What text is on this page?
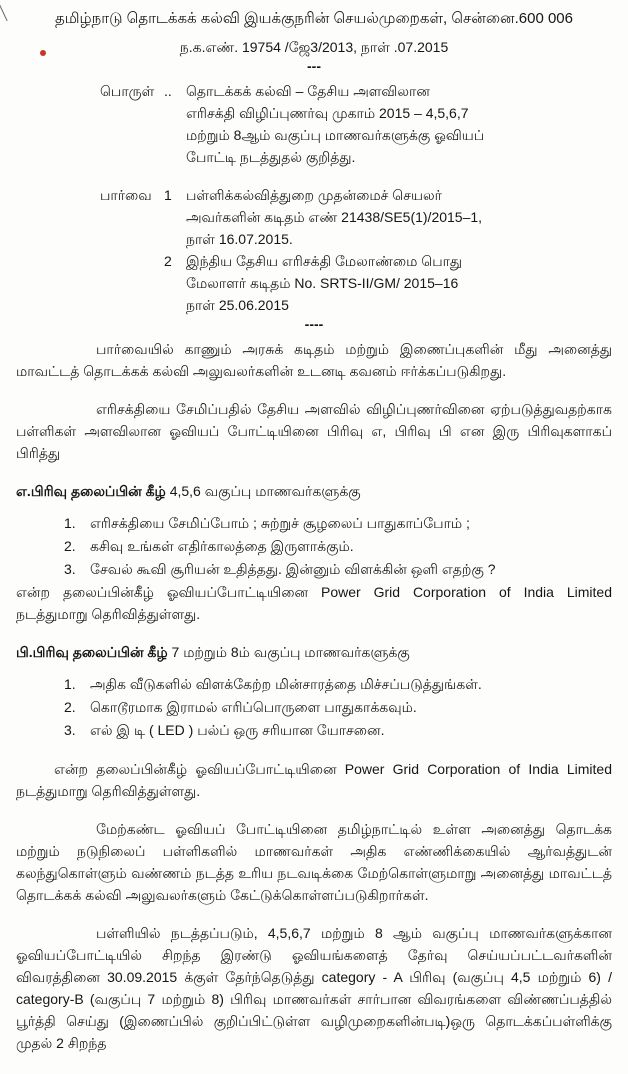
தமிழ்நாடு தொடக்கக் கல்வி இயக்குநரின் செயல்முறைகள், சென்னை.600 006
ந.க.எண். 19754 /ஜே3/2013, நாள் .07.2015
---
பொருள் ..	தொடக்கக் கல்வி – தேசிய அளவிலான
எரிசக்தி விழிப்புணர்வு முகாம் 2015 – 4,5,6,7
மற்றும் 8ஆம் வகுப்பு மாணவர்களுக்கு ஓவியப்
போட்டி நடத்துதல் குறித்து.
பார்வை 1	பள்ளிக்கல்வித்துறை முதன்மைச் செயலர்
அவர்களின் கடிதம் எண் 21438/SE5(1)/2015–1,
நாள் 16.07.2015.
2	இந்திய தேசிய எரிசக்தி மேலாண்மை பொது
மேலாளர் கடிதம் No. SRTS-II/GM/ 2015–16
நாள் 25.06.2015
----

பார்வையில் காணும் அரசுக் கடிதம் மற்றும் இணைப்புகளின் மீது அனைத்து மாவட்டத் தொடக்கக் கல்வி அலுவலர்களின் உடனடி கவனம் ஈர்க்கப்படுகிறது.

எரிசக்தியை சேமிப்பதில் தேசிய அளவில் விழிப்புணர்வினை ஏற்படுத்துவதற்காக பள்ளிகள் அளவிலான ஓவியப் போட்டியினை பிரிவு எ, பிரிவு பி என இரு பிரிவுகளாகப் பிரித்து

எ.பிரிவு தலைப்பின் கீழ் 4,5,6 வகுப்பு மாணவர்களுக்கு
1.	எரிசக்தியை சேமிப்போம் ; சுற்றுச் சூழலைப் பாதுகாப்போம் ;
2.	கசிவு உங்கள் எதிர்காலத்தை இருளாக்கும்.
3.	சேவல் கூவி சூரியன் உதித்தது. இன்னும் விளக்கின் ஒளி எதற்கு ?

என்ற தலைப்பின்கீழ் ஓவியப்போட்டியினை Power Grid Corporation of India Limited நடத்துமாறு தெரிவித்துள்ளது.

பி.பிரிவு தலைப்பின் கீழ் 7 மற்றும் 8ம் வகுப்பு மாணவர்களுக்கு
1.	அதிக வீடுகளில் விளக்கேற்ற மின்சாரத்தை மிச்சப்படுத்துங்கள்.
2.	கொடூரமாக இராமல் எரிப்பொருளை பாதுகாக்கவும்.
3.	எல் இ டி ( LED ) பல்ப் ஒரு சரியான யோசனை.

என்ற தலைப்பின்கீழ் ஓவியப்போட்டியினை Power Grid Corporation of India Limited நடத்துமாறு தெரிவித்துள்ளது.

மேற்கண்ட ஓவியப் போட்டியினை தமிழ்நாட்டில் உள்ள அனைத்து தொடக்க மற்றும் நடுநிலைப் பள்ளிகளில் மாணவர்கள் அதிக எண்ணிக்கையில் ஆர்வத்துடன் கலந்துகொள்ளும் வண்ணம் நடத்த உரிய நடவடிக்கை மேற்கொள்ளுமாறு அனைத்து மாவட்டத் தொடக்கக் கல்வி அலுவலர்களும் கேட்டுக்கொள்ளப்படுகிறார்கள்.

பள்ளியில் நடத்தப்படும், 4,5,6,7 மற்றும் 8 ஆம் வகுப்பு மாணவர்களுக்கான ஓவியப்போட்டியில் சிறந்த இரண்டு ஓவியங்களைத் தேர்வு செய்யப்பட்டவர்களின் விவரத்தினை 30.09.2015 க்குள் தேர்ந்தெடுத்து category - A பிரிவு (வகுப்பு 4,5 மற்றும் 6) / category-B (வகுப்பு 7 மற்றும் 8) பிரிவு மாணவர்கள் சார்பான விவரங்களை விண்ணப்பத்தில் பூர்த்தி செய்து (இணைப்பில் குறிப்பிட்டுள்ள வழிமுறைகளின்படி)ஒரு தொடக்கப்பள்ளிக்கு முதல் 2 சிறந்த
